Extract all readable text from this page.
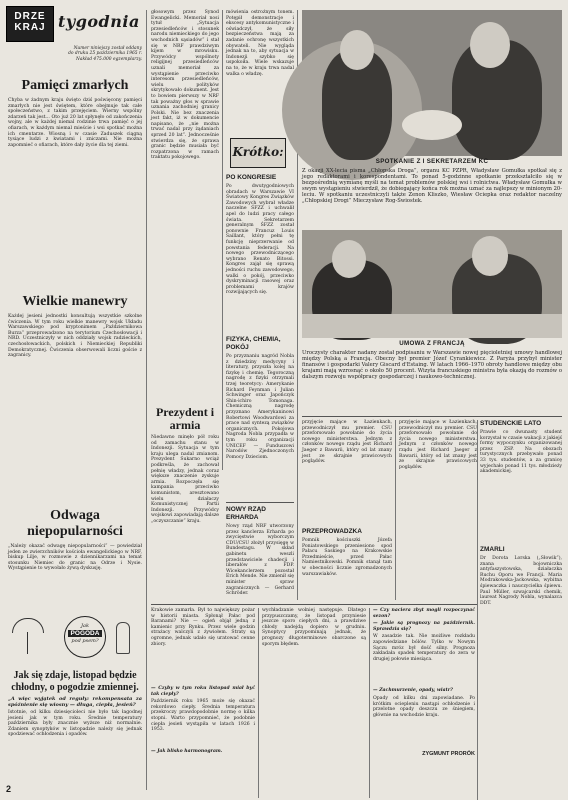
DRZE
KRAJ tygodnia
Numer niniejszy został oddany
do druku 25 października 1965 r.
Nakład 475.000 egzemplarzy.
Pamięci zmarłych
Chyba w żadnym kraju święto dziś poświęcony pamięci zmarłych nie jest świętem, które obejmuje tak całe społeczeństwo, z takim przejęciem. Wierny wspólny zdarzeń tak jest... Oto już 20 lat spłynęło od zakończenia wojny, ale w każdej niemal rodzinie trwa pamięć o jej ofiarach, w każdym niemal mieście i wsi spotkać można ich cmentarze. Wiosną i w czasie Zaduszek ciągną tysiące ludzi z kwiatami i zniczami. Nie można zapomnieć o ofiarach, które dały życie dla tej ziemi.
Wielkie manewry
Każdej jesieni jednostki konsultują wszystkie szkolne ćwiczenia. W tym roku wielkie manewry wojsk Układu Warszawskiego pod kryptonimem „Październikowa Burza” przeprowadzono na terytorium Czechosłowacji i NRD. Uczestniczyły w nich oddziały wojsk radzieckich, czechosłowackich, polskich i Niemieckiej Republiki Demokratycznej. Ćwiczenia obserwowali liczni goście z zagranicy.
Odwaga niepopularności
„Należy okazać odwagę niepopularności” — powiedział jeden ze zwierzchników kościoła ewangelickiego w NRF, biskup Lilje, w rozmowie z dziennikarzami na temat stosunku Niemiec do granic na Odrze i Nysie. Wystąpienie to wywołało żywą dyskusję.
Jak
POGODA
pod psem?
Jak się zdaje, listopad będzie chłodny, o pogodzie zmiennej.
„A więc wyjątek od reguły: rekompensata za spóźnienie się wiosny — długa, ciepła, jesień?
Istotnie, od kilku dziesięcioleci nie było tak łagodnej jesieni jak w tym roku. Średnie temperatury października były znacznie wyższe niż normalnie. Zdaniem synoptyków w listopadzie należy się jednak spodziewać ochłodzenia i opadów.
2
głosowym przez Synod Ewangelicki. Memoriał nosi tytuł „Sytuacja przesiedleńców i stosunek narodu niemieckiego do jego wschodnich sąsiadów” i stał się w NRF prawdziwym kijem w mrowisku. Przywódcy wspólnoty religijnej przesiedleńców uznali memoriał za wystąpienie przeciwko interesom przesiedleńców, wielu polityków skrytykowało dokument. Jest to bowiem pierwszy w NRF tak poważny głos w sprawie uznania zachodniej granicy Polski. Nie bez znaczenia jest fakt, iż w dokumencie napisano, że „nie można trwać nadal przy żądaniach sprzed 20 lat”. Jednocześnie stwierdza się, że sprawa granic będzie musiała być rozpatrzona w ramach traktatu pokojowego.
Prezydent i armia
Niedawno minęło pół roku od zamachu stanu w Indonezji. Sytuacja w tym kraju ulega nadal zmianom. Prezydent Sukarno wciąż podkreśla, że zachował pełnię władzy, jednak coraz większe znaczenie zyskuje armia. Rozpoczęła się kampania przeciwko komunistom, aresztowano wielu działaczy Komunistycznej Partii Indonezji. Przywódcy wojskowi zapowiadają dalsze „oczyszczanie” kraju.
mówienia ostrożnym tonem. Potępił demonstracje i ekscesy antykomunistyczne i oświadczył, że siły bezpieczeństwa mają za zadanie ochronę wszystkich obywateli. Nie wygląda jednak na to, aby sytuacja w Indonezji szybko się uspokoiła. Wiele wskazuje na to, że w kraju trwa nadal walka o władzę.
Krótko:
PO KONGRESIE
Po dwutygodniowych obradach w Warszawie VI Światowy Kongres Związków Zawodowych wybrał władze naczelne ŚFZZ i uchwalił apel do ludzi pracy całego świata. Sekretarzem generalnym ŚFZZ został ponownie Francuz Louis Saillant, który pełni tę funkcję nieprzerwanie od powstania federacji. Na nowego przewodniczącego wybrano Renato Bitossi. Kongres zajął się sprawą jedności ruchu zawodowego, walki o pokój, przeciwko dyskryminacji rasowej oraz problemami krajów rozwijających się.
FIZYKA, CHEMIA, POKÓJ
Po przyznaniu nagród Nobla z dziedziny medycyny i literatury, przyszła kolej na fizykę i chemię. Tegoroczną nagrodę z fizyki otrzymali trzej teoretycy: Amerykanie Richard Feynman i Julian Schwinger oraz Japończyk Shin-ichiro Tomonaga. Chemiczną nagrodę przyznano Amerykaninowi Robertowi Woodwardowi za prace nad syntezą związków organicznych. Pokojowa Nagroda Nobla przypadła w tym roku organizacji UNICEF — Funduszowi Narodów Zjednoczonych Pomocy Dzieciom.
NOWY RZĄD ERHARDA
Nowy rząd NRF utworzony przez kanclerza Erharda po zwycięstwie wyborczym CDU/CSU złożył przysięgę w Bundestagu. W skład gabinetu weszli przedstawiciele chadecji i liberałów z FDP. Wicekanclerzem pozostał Erich Mende. Nie zmienił się minister spraw zagranicznych — Gerhard Schröder.
SPOTKANIE Z I SEKRETARZEM KC
Z okazji XX-lecia pisma „Chłopska Droga”, organu KC PZPR, Władysław Gomułka spotkał się z jego redaktorami i korespondentami. To ponad 5-godzinne spotkanie przekształciło się w bezpośrednią wymianę myśli na temat problemów polskiej wsi i rolnictwa. Władysław Gomułka w swym wystąpieniu stwierdził, że dobiegający końca rok można uznać za najlepszy w minionym 20-leciu. W spotkaniu uczestniczyli także Zenon Kliszko, Wiesław Ociepka oraz redaktor naczelny „Chłopskiej Drogi” Mieczysław Rog-Świostek.
UMOWA Z FRANCJĄ
Uroczysty charakter nadany został podpisaniu w Warszawie nowej pięcioletniej umowy handlowej między Polską a Francją. Obecny był premier Józef Cyrankiewicz. Z Paryża przybył minister finansów i gospodarki Valery Giscard d'Estaing. W latach 1966–1970 obroty handlowe między obu krajami mają wzrosnąć o około 50 procent. Wizyta francuskiego ministra była okazją do rozmów o dalszym rozwoju współpracy gospodarczej i naukowo-technicznej.
przyjęcie mające w Łazienkach, przewodniczył mu premier. CSU przeforsowało powołanie do życia nowego ministerstwa. Jednym z członków nowego rządu jest Richard Jaeger z Bawarii, który od lat znany jest ze skrajnie prawicowych poglądów.
PRZEPROWADZKA
Pomnik kościuszki Józefa Poniatowskiego przeniesiono spod Pałacu Saskiego na Krakowskie Przedmieście, przed Pałac Namiestnikowski. Pomnik stanął tam w obecności licznie zgromadzonych warszawiaków.
przyjęcie mające w Łazienkach, przewodniczył mu premier. CSU przeforsowało powołanie do życia nowego ministerstwa. Jednym z członków nowego rządu jest Richard Jaeger z Bawarii, który od lat znany jest ze skrajnie prawicowych poglądów.
STUDENCKIE LATO
Prawie co dwunasty student korzystał w czasie wakacji z jakiejś formy wypoczynku organizowanej przez ZSP. Na obozach turystycznych przebywało ponad 33 tys. studentów, a za granicę wyjechało ponad 11 tys. młodzieży akademickiej.
ZMARLI
Dr Dorota Lorska („Słowik”), znana bojowniczka antyfaszystowska, działaczka Ruchu Oporu we Francji. Maria Modrakowska-Jackowska, wybitna śpiewaczka i nauczycielka śpiewu. Paul Müller, szwajcarski chemik, laureat Nagrody Nobla, wynalazca DDT.
Krakowie zamarła. Był to największy pożar w historii miasta. Spłonął Pałac pod Baranami? Nie — ogień objął jedną z kamienic przy Rynku. Przez wiele godzin strażacy walczyli z żywiołem. Straty są ogromne, jednak udało się uratować cenne zbiory.
— Czyby w tym roku listopad miał być tak ciepły?
Październik roku 1965 może się okazać rekordowo ciepły. Średnia temperatura przekroczy prawdopodobnie normę o kilka stopni. Warto przypomnieć, że podobnie ciepła jesień wystąpiła w latach 1926 i 1953.
— Jak blisko harmonogram.
wychładzanie wolniej następuje. Dlatego przypuszczamy, że listopad przyniesie jeszcze sporo ciepłych dni, a prawdziwe chłody nadejdą dopiero w grudniu. Synoptycy przypominają jednak, że prognozy długoterminowe obarczone są sporym błędem.
— Czy naciera zbyt mogli rozpoczynać sezon?
— Jakie są prognozy na październik. Sprawdzia się?
W zasadzie tak. Nie możliwe rozkładu zapowiedziane bólów. Tylko w Nowym Sączu mróz był dość silny. Prognoza zakładała spadek temperatury do zera w drugiej połowie miesiąca.
— Zachmurzenie, opady, wiatr?
Opady od kilku dni zapowiadane. Po krótkim ociepleniu nastąpi ochłodzenie i przelotne opady deszczu ze śniegiem, głównie na wschodzie kraju.
ZYGMUNT PRORÓK
